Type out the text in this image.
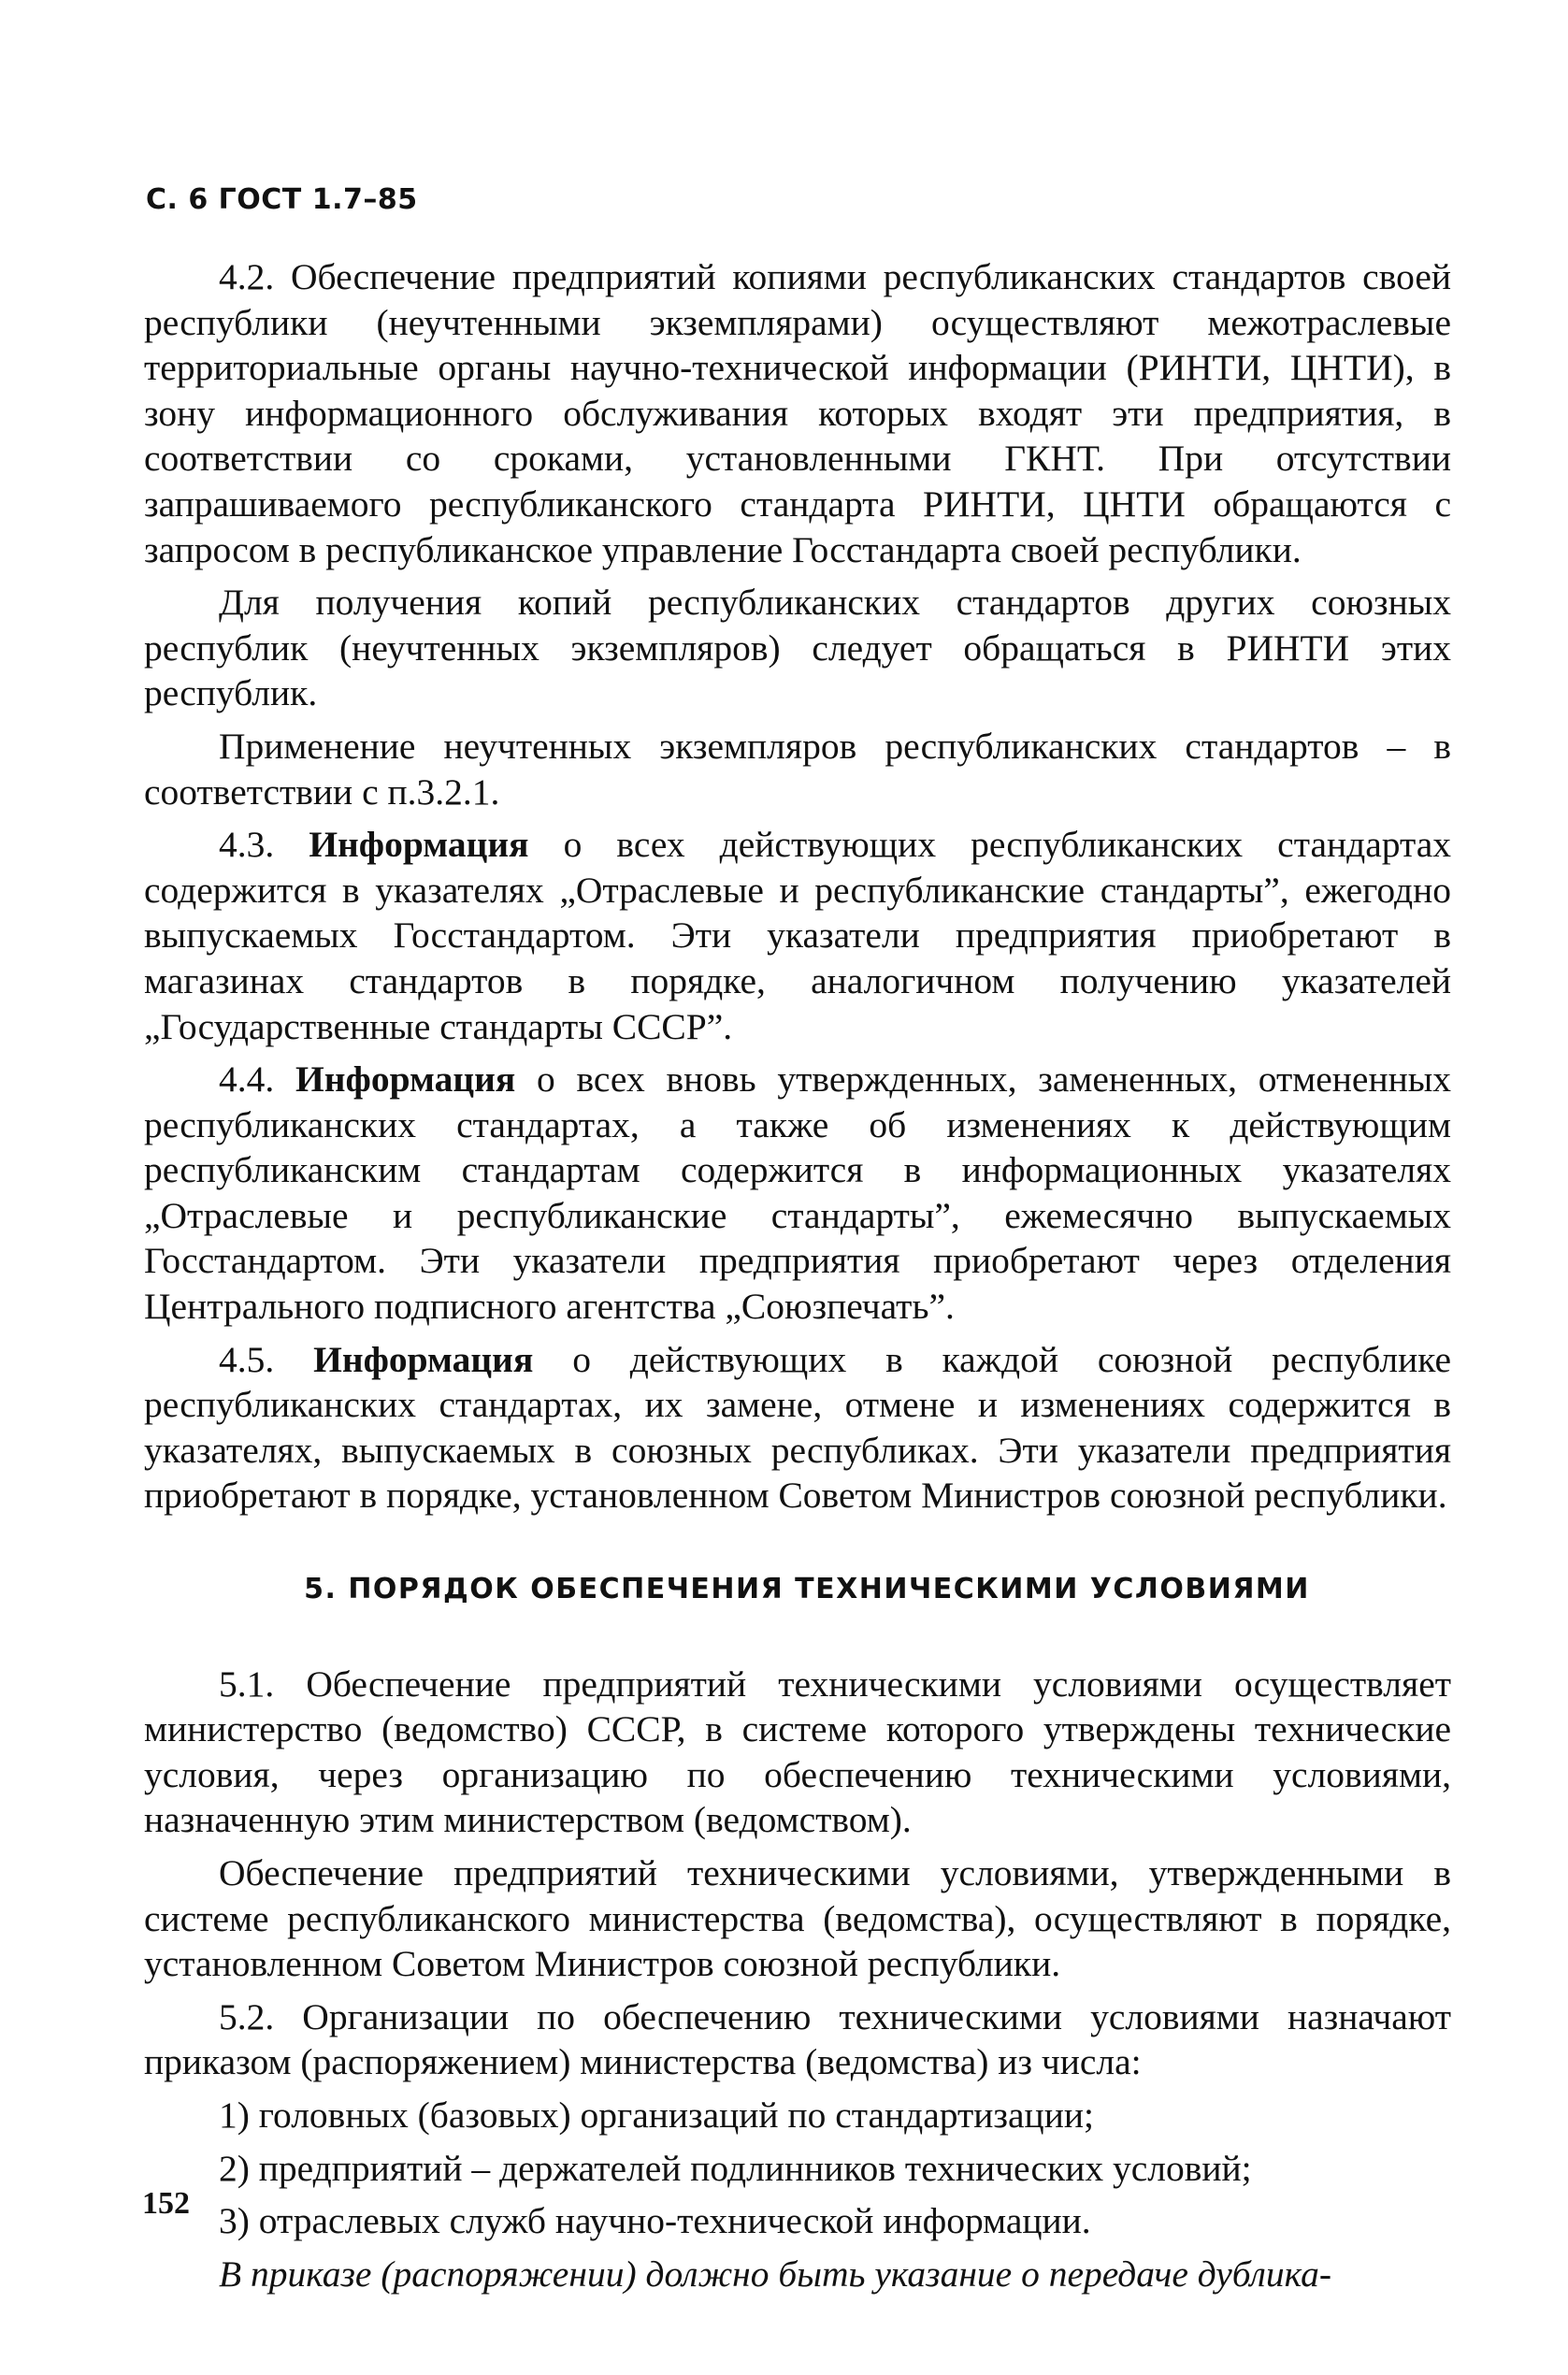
С. 6 ГОСТ 1.7–85

4.2. Обеспечение предприятий копиями республиканских стандартов своей республики (неучтенными экземплярами) осуществляют межотраслевые территориальные органы научно-технической информации (РИНТИ, ЦНТИ), в зону информационного обслуживания которых входят эти предприятия, в соответствии со сроками, установленными ГКНТ. При отсутствии запрашиваемого республиканского стандарта РИНТИ, ЦНТИ обращаются с запросом в республиканское управление Госстандарта своей республики.

Для получения копий республиканских стандартов других союзных республик (неучтенных экземпляров) следует обращаться в РИНТИ этих республик.

Применение неучтенных экземпляров республиканских стандартов – в соответствии с п.3.2.1.

4.3. Информация о всех действующих республиканских стандартах содержится в указателях „Отраслевые и республиканские стандарты”, ежегодно выпускаемых Госстандартом. Эти указатели предприятия приобретают в магазинах стандартов в порядке, аналогичном получению указателей „Государственные стандарты СССР”.

4.4. Информация о всех вновь утвержденных, замененных, отмененных республиканских стандартах, а также об изменениях к действующим республиканским стандартам содержится в информационных указателях „Отраслевые и республиканские стандарты”, ежемесячно выпускаемых Госстандартом. Эти указатели предприятия приобретают через отделения Центрального подписного агентства „Союзпечать”.

4.5. Информация о действующих в каждой союзной республике республиканских стандартах, их замене, отмене и изменениях содержится в указателях, выпускаемых в союзных республиках. Эти указатели предприятия приобретают в порядке, установленном Советом Министров союзной республики.

5. ПОРЯДОК ОБЕСПЕЧЕНИЯ ТЕХНИЧЕСКИМИ УСЛОВИЯМИ

5.1. Обеспечение предприятий техническими условиями осуществляет министерство (ведомство) СССР, в системе которого утверждены технические условия, через организацию по обеспечению техническими условиями, назначенную этим министерством (ведомством).

Обеспечение предприятий техническими условиями, утвержденными в системе республиканского министерства (ведомства), осуществляют в порядке, установленном Советом Министров союзной республики.

5.2. Организации по обеспечению техническими условиями назначают приказом (распоряжением) министерства (ведомства) из числа:

1) головных (базовых) организаций по стандартизации;
2) предприятий – держателей подлинников технических условий;
3) отраслевых служб научно-технической информации.

В приказе (распоряжении) должно быть указание о передаче дублика-

152
